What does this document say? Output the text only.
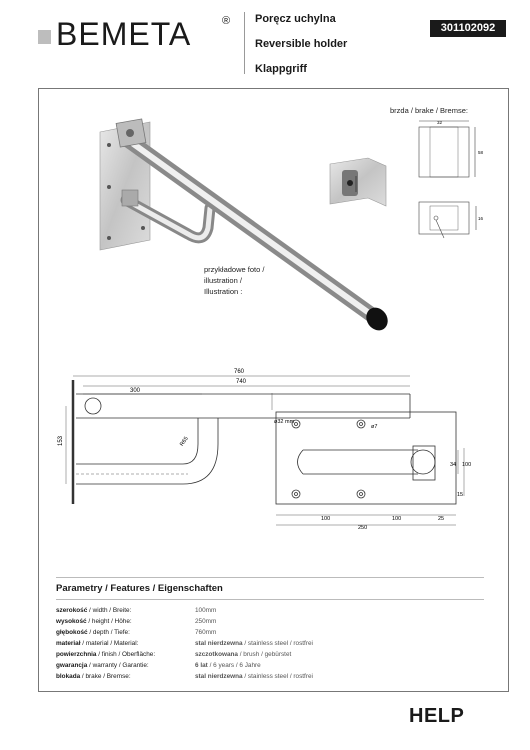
BEMETA	® Poręcz uchylna
Reversible holder
Klappgriff
301102092
32
58
16
760
740
300
153
ø32 mm
R65
ø7
34 100
15
100	100	25
250
brzda / brake / Bremse:
przykładowe foto /
illustration /
Illustration :
Parametry / Features / Eigenschaften
szerokość / width / Breite:	100mm
wysokość / height / Höhe:	250mm
głębokość / depth / Tiefe:	760mm
materiał / material / Material:	stal nierdzewna / stainless steel / rostfrei
powierzchnia / finish / Oberfläche:	szczotkowana / brush / gebürstet
gwarancja / warranty / Garantie:	6 lat / 6 years / 6 Jahre
blokada / brake / Bremse:	stal nierdzewna / stainless steel / rostfrei
HELP
